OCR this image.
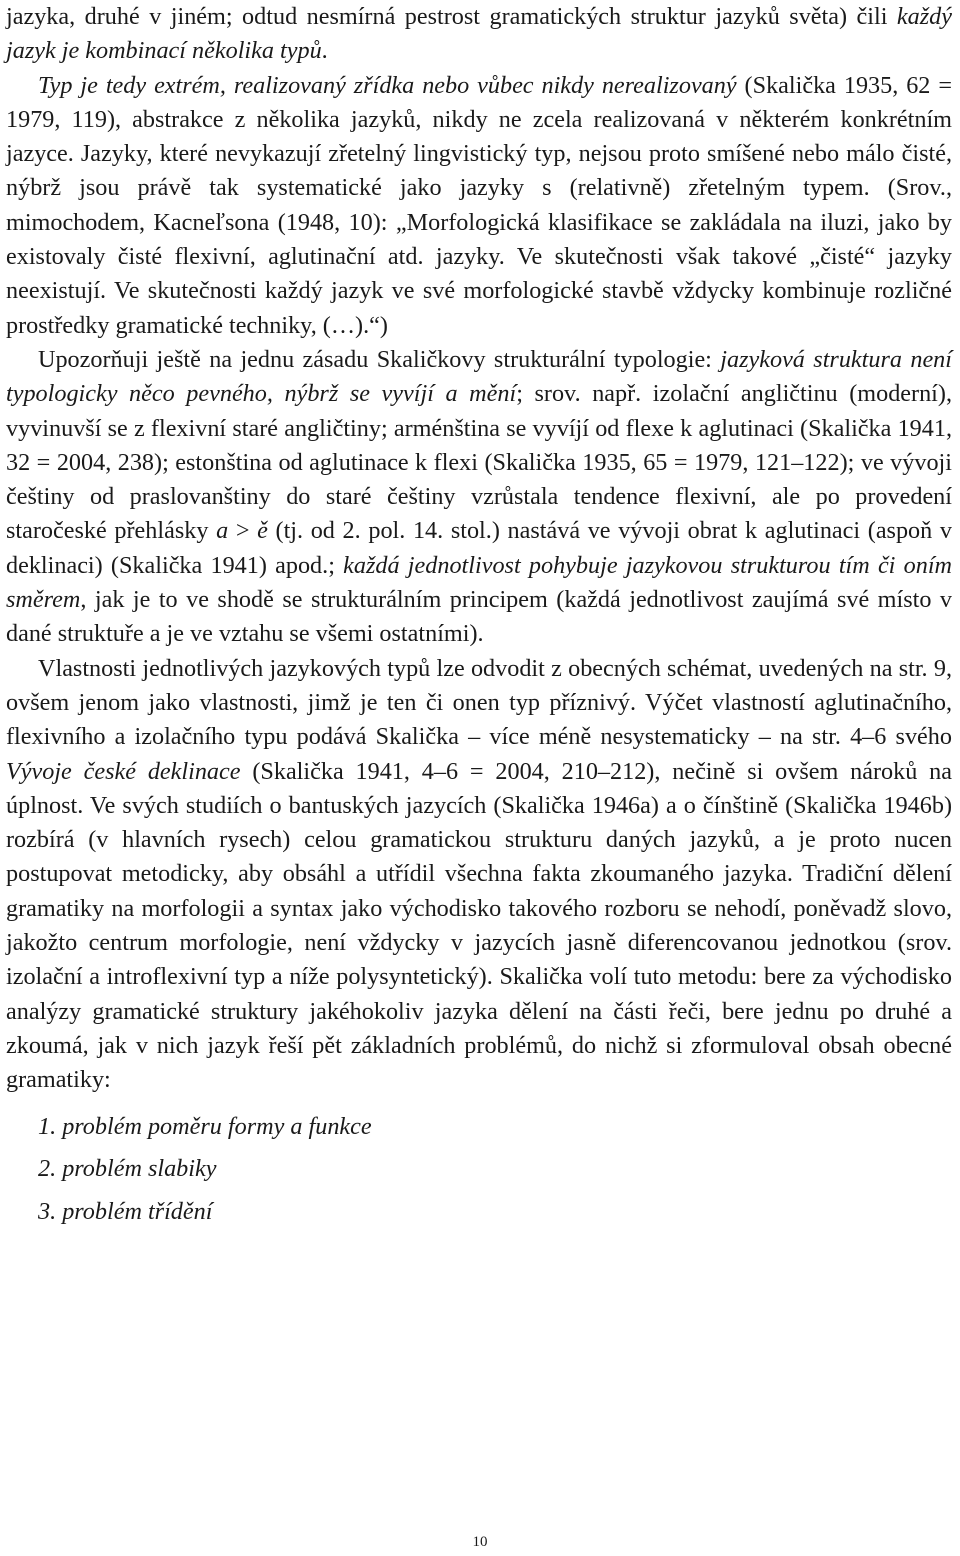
jazyka, druhé v jiném; odtud nesmírná pestrost gramatických struktur jazyků světa) čili každý jazyk je kombinací několika typů.

Typ je tedy extrém, realizovaný zřídka nebo vůbec nikdy nerealizovaný (Skalička 1935, 62 = 1979, 119), abstrakce z několika jazyků, nikdy ne zcela realizovaná v některém konkrétním jazyce. Jazyky, které nevykazují zřetelný lingvistický typ, nejsou proto smíšené nebo málo čisté, nýbrž jsou právě tak systematické jako jazyky s (relativně) zřetelným typem. (Srov., mimochodem, Kacneľsona (1948, 10): „Morfologická klasifikace se zakládala na iluzi, jako by existovaly čisté flexivní, aglutinační atd. jazyky. Ve skutečnosti však takové „čisté“ jazyky neexistují. Ve skutečnosti každý jazyk ve své morfologické stavbě vždycky kombinuje rozličné prostředky gramatické techniky, (…).“)

Upozorňuji ještě na jednu zásadu Skaličkovy strukturální typologie: jazyková struktura není typologicky něco pevného, nýbrž se vyvíjí a mění; srov. např. izolační angličtinu (moderní), vyvinuvší se z flexivní staré angličtiny; arménština se vyvíjí od flexe k aglutinaci (Skalička 1941, 32 = 2004, 238); estonština od aglutinace k flexi (Skalička 1935, 65 = 1979, 121–122); ve vývoji češtiny od praslovanštiny do staré češtiny vzrůstala tendence flexivní, ale po provedení staročeské přehlásky a > ě (tj. od 2. pol. 14. stol.) nastává ve vývoji obrat k aglutinaci (aspoň v deklinaci) (Skalička 1941) apod.; každá jednotlivost pohybuje jazykovou strukturou tím či oním směrem, jak je to ve shodě se strukturálním principem (každá jednotlivost zaujímá své místo v dané struktuře a je ve vztahu se všemi ostatními).

Vlastnosti jednotlivých jazykových typů lze odvodit z obecných schémat, uvedených na str. 9, ovšem jenom jako vlastnosti, jimž je ten či onen typ příznivý. Výčet vlastností aglutinačního, flexivního a izolačního typu podává Skalička – více méně nesystematicky – na str. 4–6 svého Vývoje české deklinace (Skalička 1941, 4–6 = 2004, 210–212), nečině si ovšem nároků na úplnost. Ve svých studiích o bantuských jazycích (Skalička 1946a) a o čínštině (Skalička 1946b) rozbírá (v hlavních rysech) celou gramatickou strukturu daných jazyků, a je proto nucen postupovat metodicky, aby obsáhl a utřídil všechna fakta zkoumaného jazyka. Tradiční dělení gramatiky na morfologii a syntax jako východisko takového rozboru se nehodí, poněvadž slovo, jakožto centrum morfologie, není vždycky v jazycích jasně diferencovanou jednotkou (srov. izolační a introflexivní typ a níže polysyntetický). Skalička volí tuto metodu: bere za východisko analýzy gramatické struktury jakéhokoliv jazyka dělení na části řeči, bere jednu po druhé a zkoumá, jak v nich jazyk řeší pět základních problémů, do nichž si zformuloval obsah obecné gramatiky:

1. problém poměru formy a funkce
2. problém slabiky
3. problém třídění
10
